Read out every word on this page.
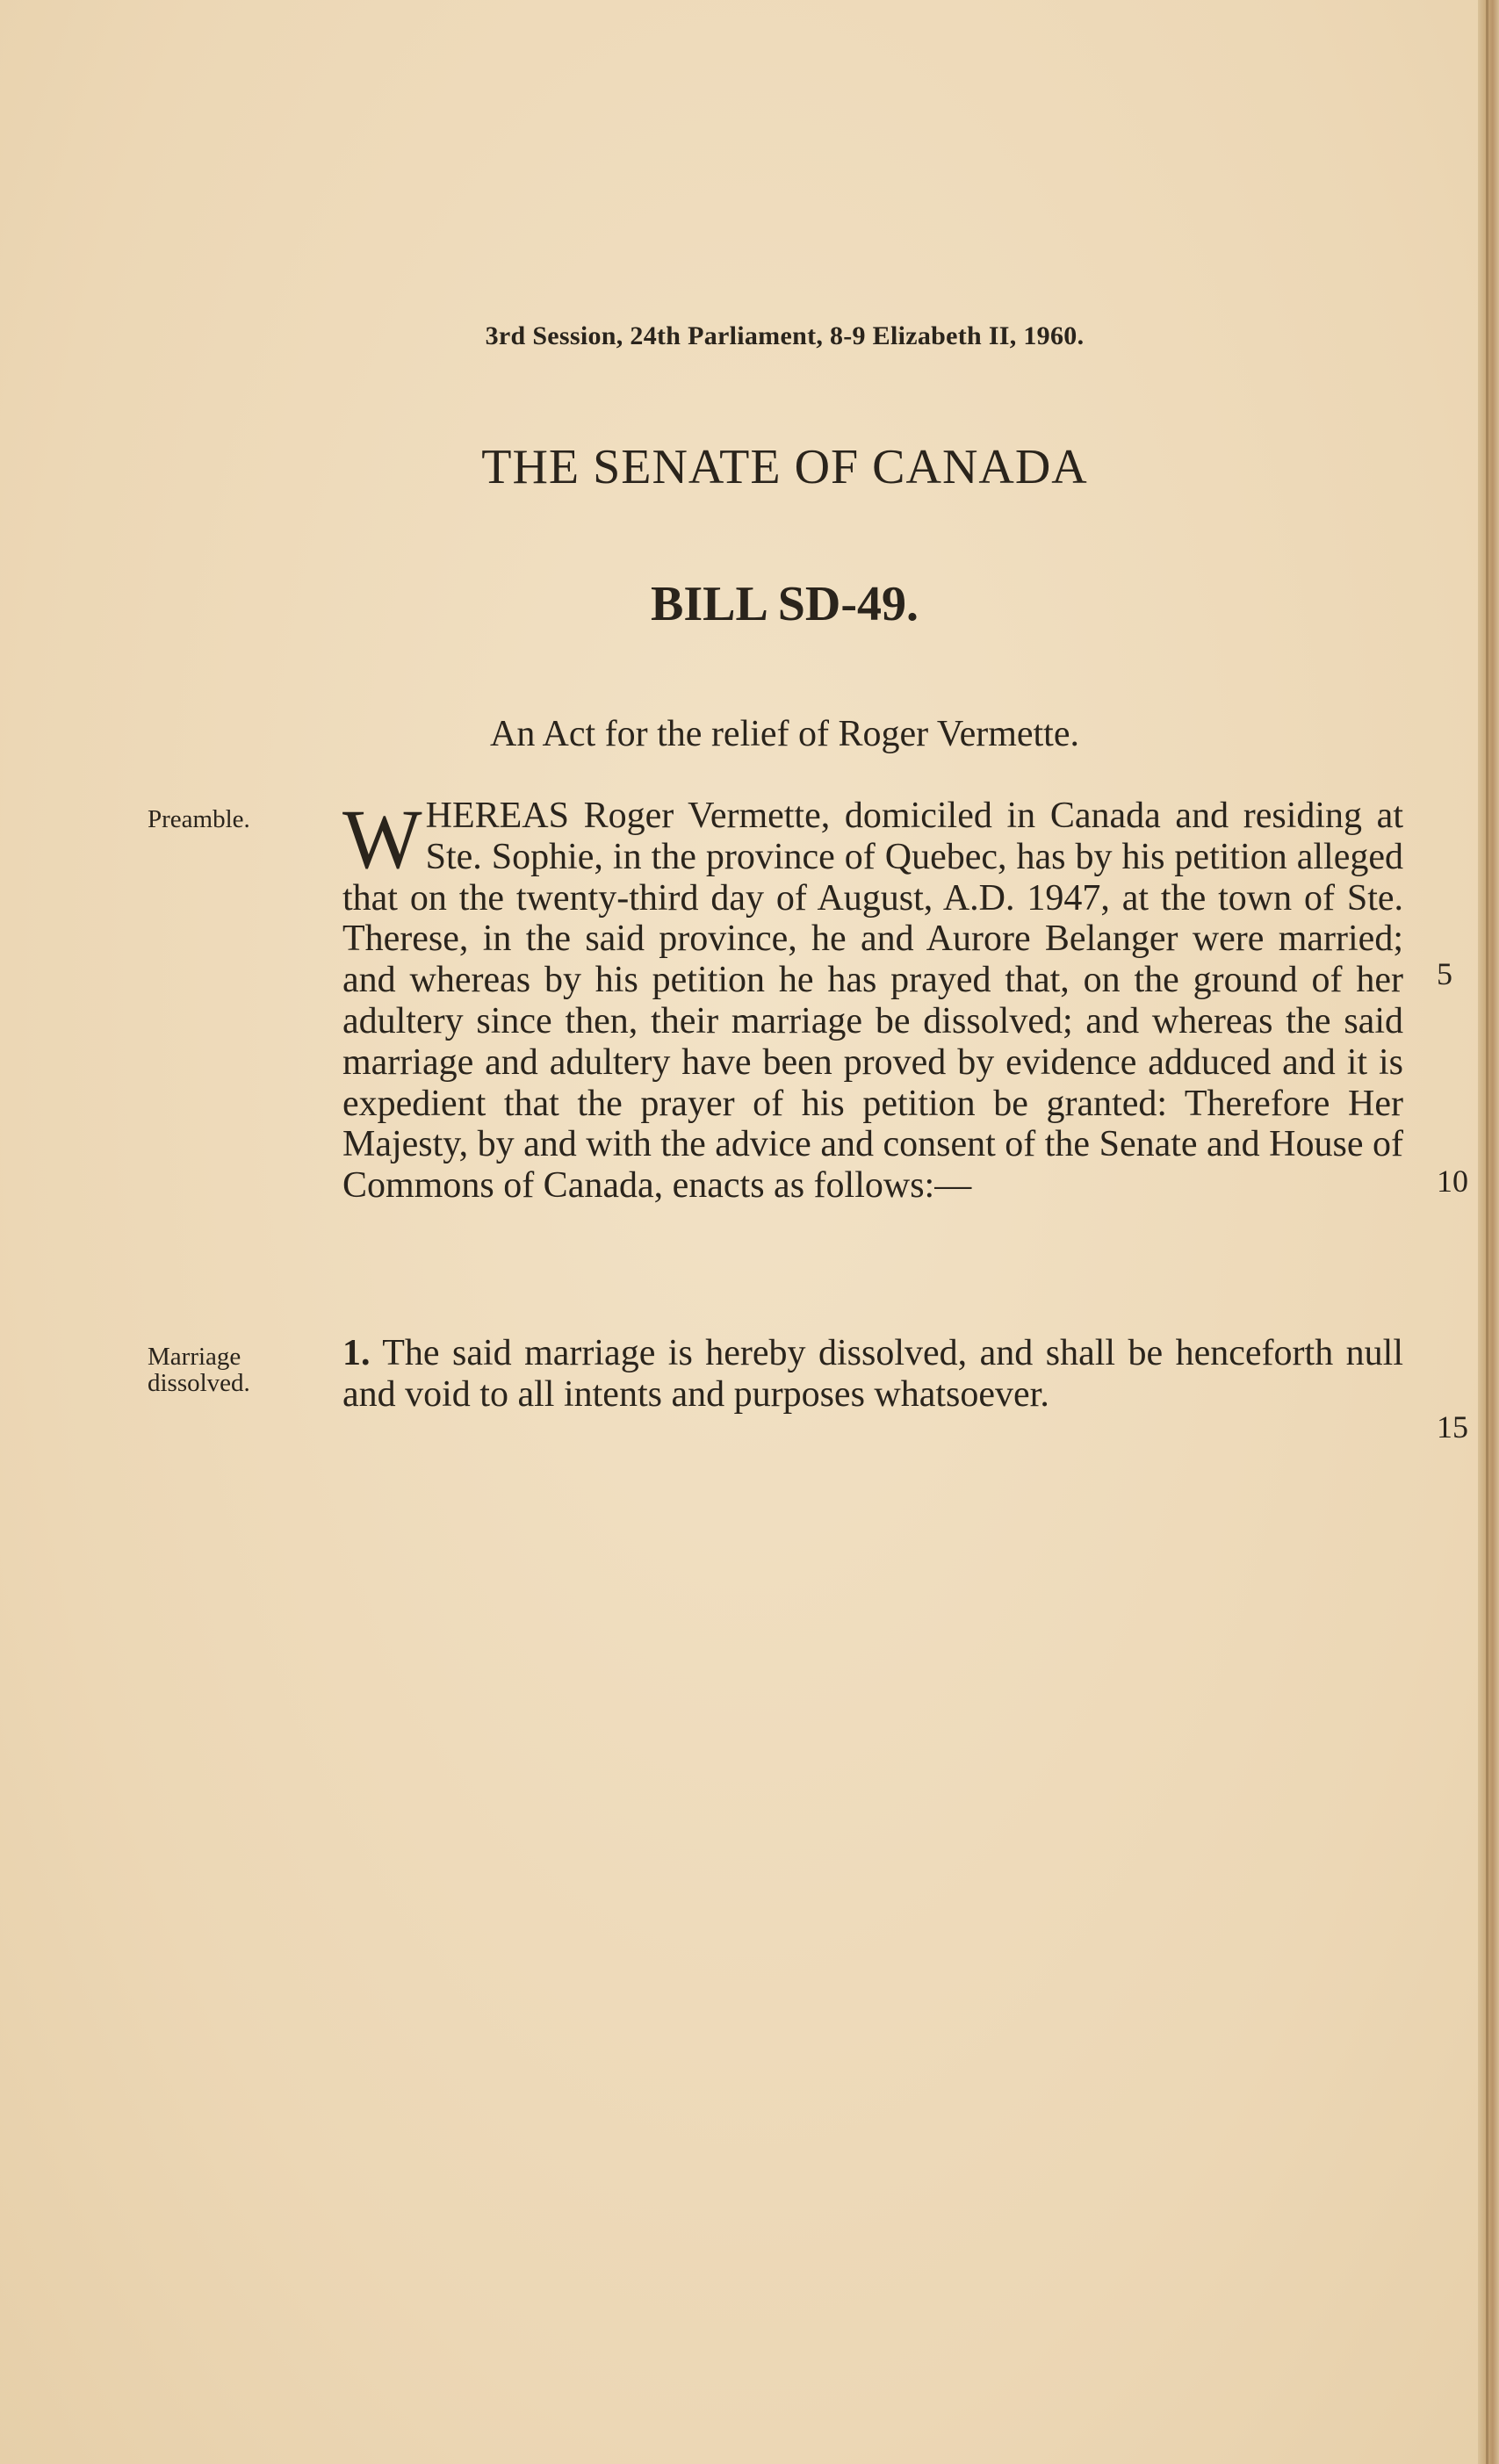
3rd Session, 24th Parliament, 8-9 Elizabeth II, 1960.
THE SENATE OF CANADA
BILL SD-49.
An Act for the relief of Roger Vermette.
Preamble.	WHEREAS Roger Vermette, domiciled in Canada and residing at Ste. Sophie, in the province of Quebec, has by his petition alleged that on the twenty-third day of August, A.D. 1947, at the town of Ste. Therese, in the said province, he and Aurore Belanger were married; and whereas by his petition he has prayed that, on the ground of her adultery since then, their marriage be dissolved; and whereas the said marriage and adultery have been proved by evidence adduced and it is expedient that the prayer of his petition be granted: Therefore Her Majesty, by and with the advice and consent of the Senate and House of Commons of Canada, enacts as follows:—
Marriage dissolved.
1. The said marriage is hereby dissolved, and shall be henceforth null and void to all intents and purposes whatsoever.
5
10
15
